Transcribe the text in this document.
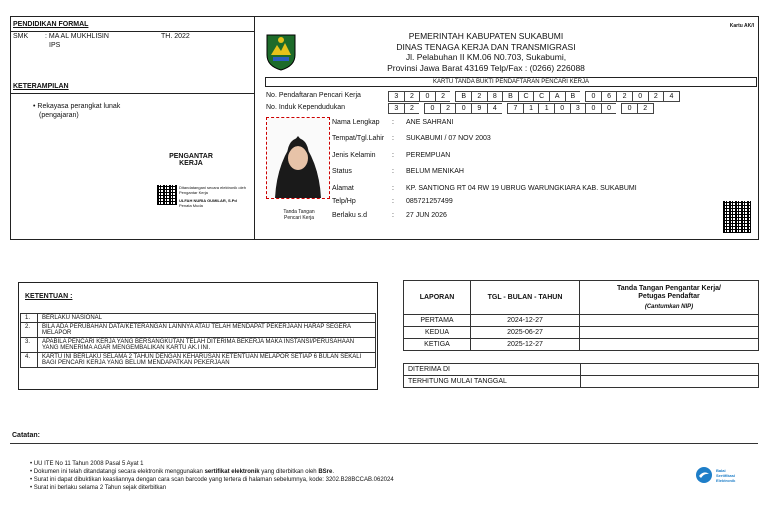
Kartu AK/I
PENDIDIKAN FORMAL
SMK : MA AL MUKHLISIN
IPS
TH. 2022
KETERAMPILAN
• Rekayasa perangkat lunak
(pengajaran)
PENGANTAR
KERJA
Ditandatangani secara elektronik oleh Pengantar Kerja
ULFAH NURIA GUMILAR, S.Pd
Penata Muda
PEMERINTAH KABUPATEN SUKABUMI
DINAS TENAGA KERJA DAN TRANSMIGRASI
Jl. Pelabuhan II KM.06 N0.703, Sukabumi,
Provinsi Jawa Barat 43169 Telp/Fax : (0266) 226088
KARTU TANDA BUKTI PENDAFTARAN PENCARI KERJA
No. Pendaftaran Pencari Kerja	3	2	0	2	B	2	8	B	C	C	A	B	0	6	2	0	2	4
No. Induk Kependudukan	3	2	0	2	0	9	4	7	1	1	0	3	0	0	0	2
Tanda Tangan
Pencari Kerja
Nama Lengkap : ANE SAHRANI
Tempat/Tgl.Lahir : SUKABUMI / 07 NOV 2003
Jenis Kelamin : PEREMPUAN
Status	: BELUM MENIKAH
Alamat	: KP. SANTIONG RT 04 RW 19 UBRUG WARUNGKIARA KAB. SUKABUMI
Telp/Hp	: 085721257499
Berlaku s.d	: 27 JUN 2026
KETENTUAN :
1.	BERLAKU NASIONAL
2.	BILA ADA PERUBAHAN DATA/KETERANGAN LAINNYA ATAU TELAH MENDAPAT PEKERJAAN HARAP SEGERA MELAPOR
3.	APABILA PENCARI KERJA YANG BERSANGKUTAN TELAH DITERIMA BEKERJA MAKA INSTANSI/PERUSAHAAN YANG MENERIMA AGAR MENGEMBALIKAN KARTU AK.I INI.
4.	KARTU INI BERLAKU SELAMA 2 TAHUN DENGAN KEHARUSAN KETENTUAN MELAPOR SETIAP 6 BULAN SEKALI BAGI PENCARI KERJA YANG BELUM MENDAPATKAN PEKERJAAN
LAPORAN	TGL - BULAN - TAHUN	Tanda Tangan Pengantar Kerja/
Petugas Pendaftar
(Cantumkan NIP)

PERTAMA	2024-12-27	
KEDUA	2025-06-27	
KETIGA	2025-12-27	
DITERIMA DI	
TERHITUNG MULAI TANGGAL	
Catatan:
• UU ITE No 11 Tahun 2008 Pasal 5 Ayat 1
• Dokumen ini telah ditandatangi secara elektronik menggunakan sertifikat elektronik yang diterbitkan oleh BSre.
• Surat ini dapat dibuktikan keasliannya dengan cara scan barcode yang tertera di halaman sebelumnya, kode: 3202.B28BCCAB.062024
• Surat ini berlaku selama 2 Tahun sejak diterbitkan
Balai
Sertifikasi
Elektronik
